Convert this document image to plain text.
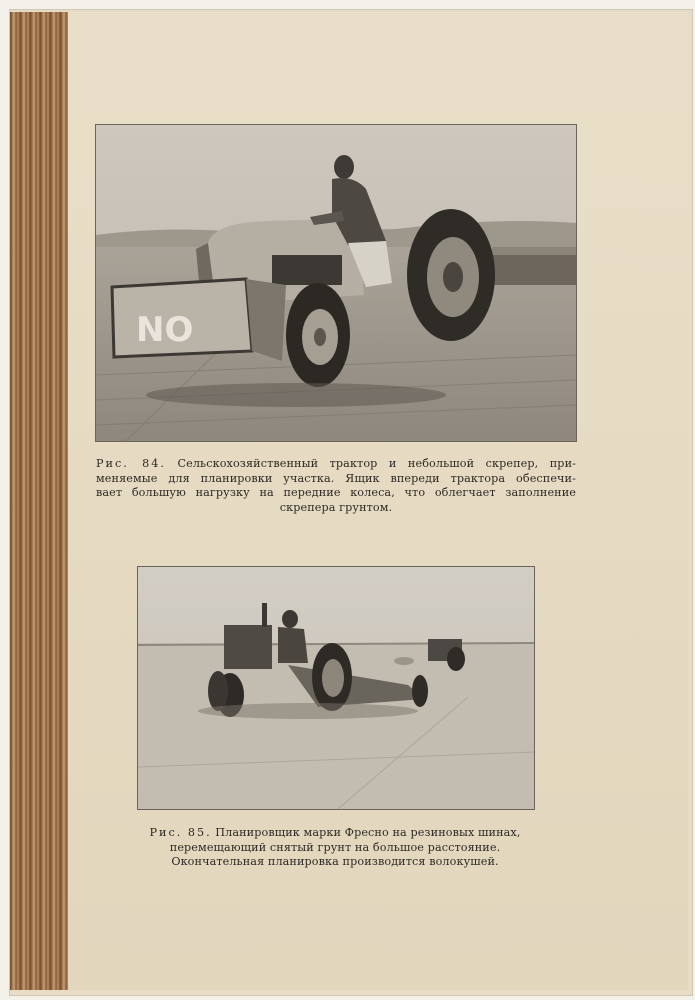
NO
Рис. 84. Сельскохозяйственный трактор и небольшой скрепер, при-
меняемые для планировки участка. Ящик впереди трактора обеспечи-
вает большую нагрузку на передние колеса, что облегчает заполнение
скрепера грунтом.
Рис. 85. Планировщик марки Фресно на резиновых шинах,
перемещающий снятый грунт на большое расстояние.
Окончательная планировка производится волокушей.
